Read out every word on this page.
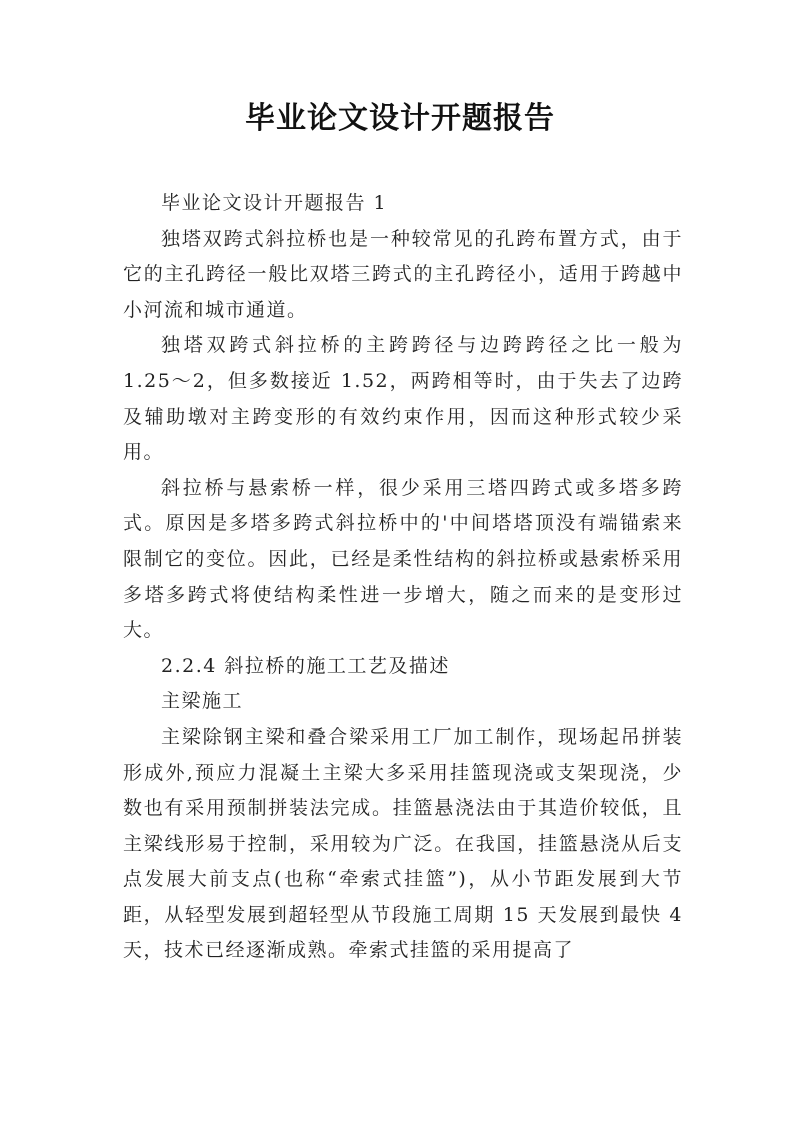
毕业论文设计开题报告

毕业论文设计开题报告 1

独塔双跨式斜拉桥也是一种较常见的孔跨布置方式，由于它的主孔跨径一般比双塔三跨式的主孔跨径小，适用于跨越中小河流和城市通道。

独塔双跨式斜拉桥的主跨跨径与边跨跨径之比一般为 1.25～2，但多数接近 1.52，两跨相等时，由于失去了边跨及辅助墩对主跨变形的有效约束作用，因而这种形式较少采用。

斜拉桥与悬索桥一样，很少采用三塔四跨式或多塔多跨式。原因是多塔多跨式斜拉桥中的'中间塔塔顶没有端锚索来限制它的变位。因此，已经是柔性结构的斜拉桥或悬索桥采用多塔多跨式将使结构柔性进一步增大，随之而来的是变形过大。

2.2.4 斜拉桥的施工工艺及描述

主梁施工

主梁除钢主梁和叠合梁采用工厂加工制作，现场起吊拼装形成外,预应力混凝土主梁大多采用挂篮现浇或支架现浇，少数也有采用预制拼装法完成。挂篮悬浇法由于其造价较低，且主梁线形易于控制，采用较为广泛。在我国，挂篮悬浇从后支点发展大前支点(也称“牵索式挂篮”)，从小节距发展到大节距，从轻型发展到超轻型从节段施工周期 15 天发展到最快 4 天，技术已经逐渐成熟。牵索式挂篮的采用提高了
